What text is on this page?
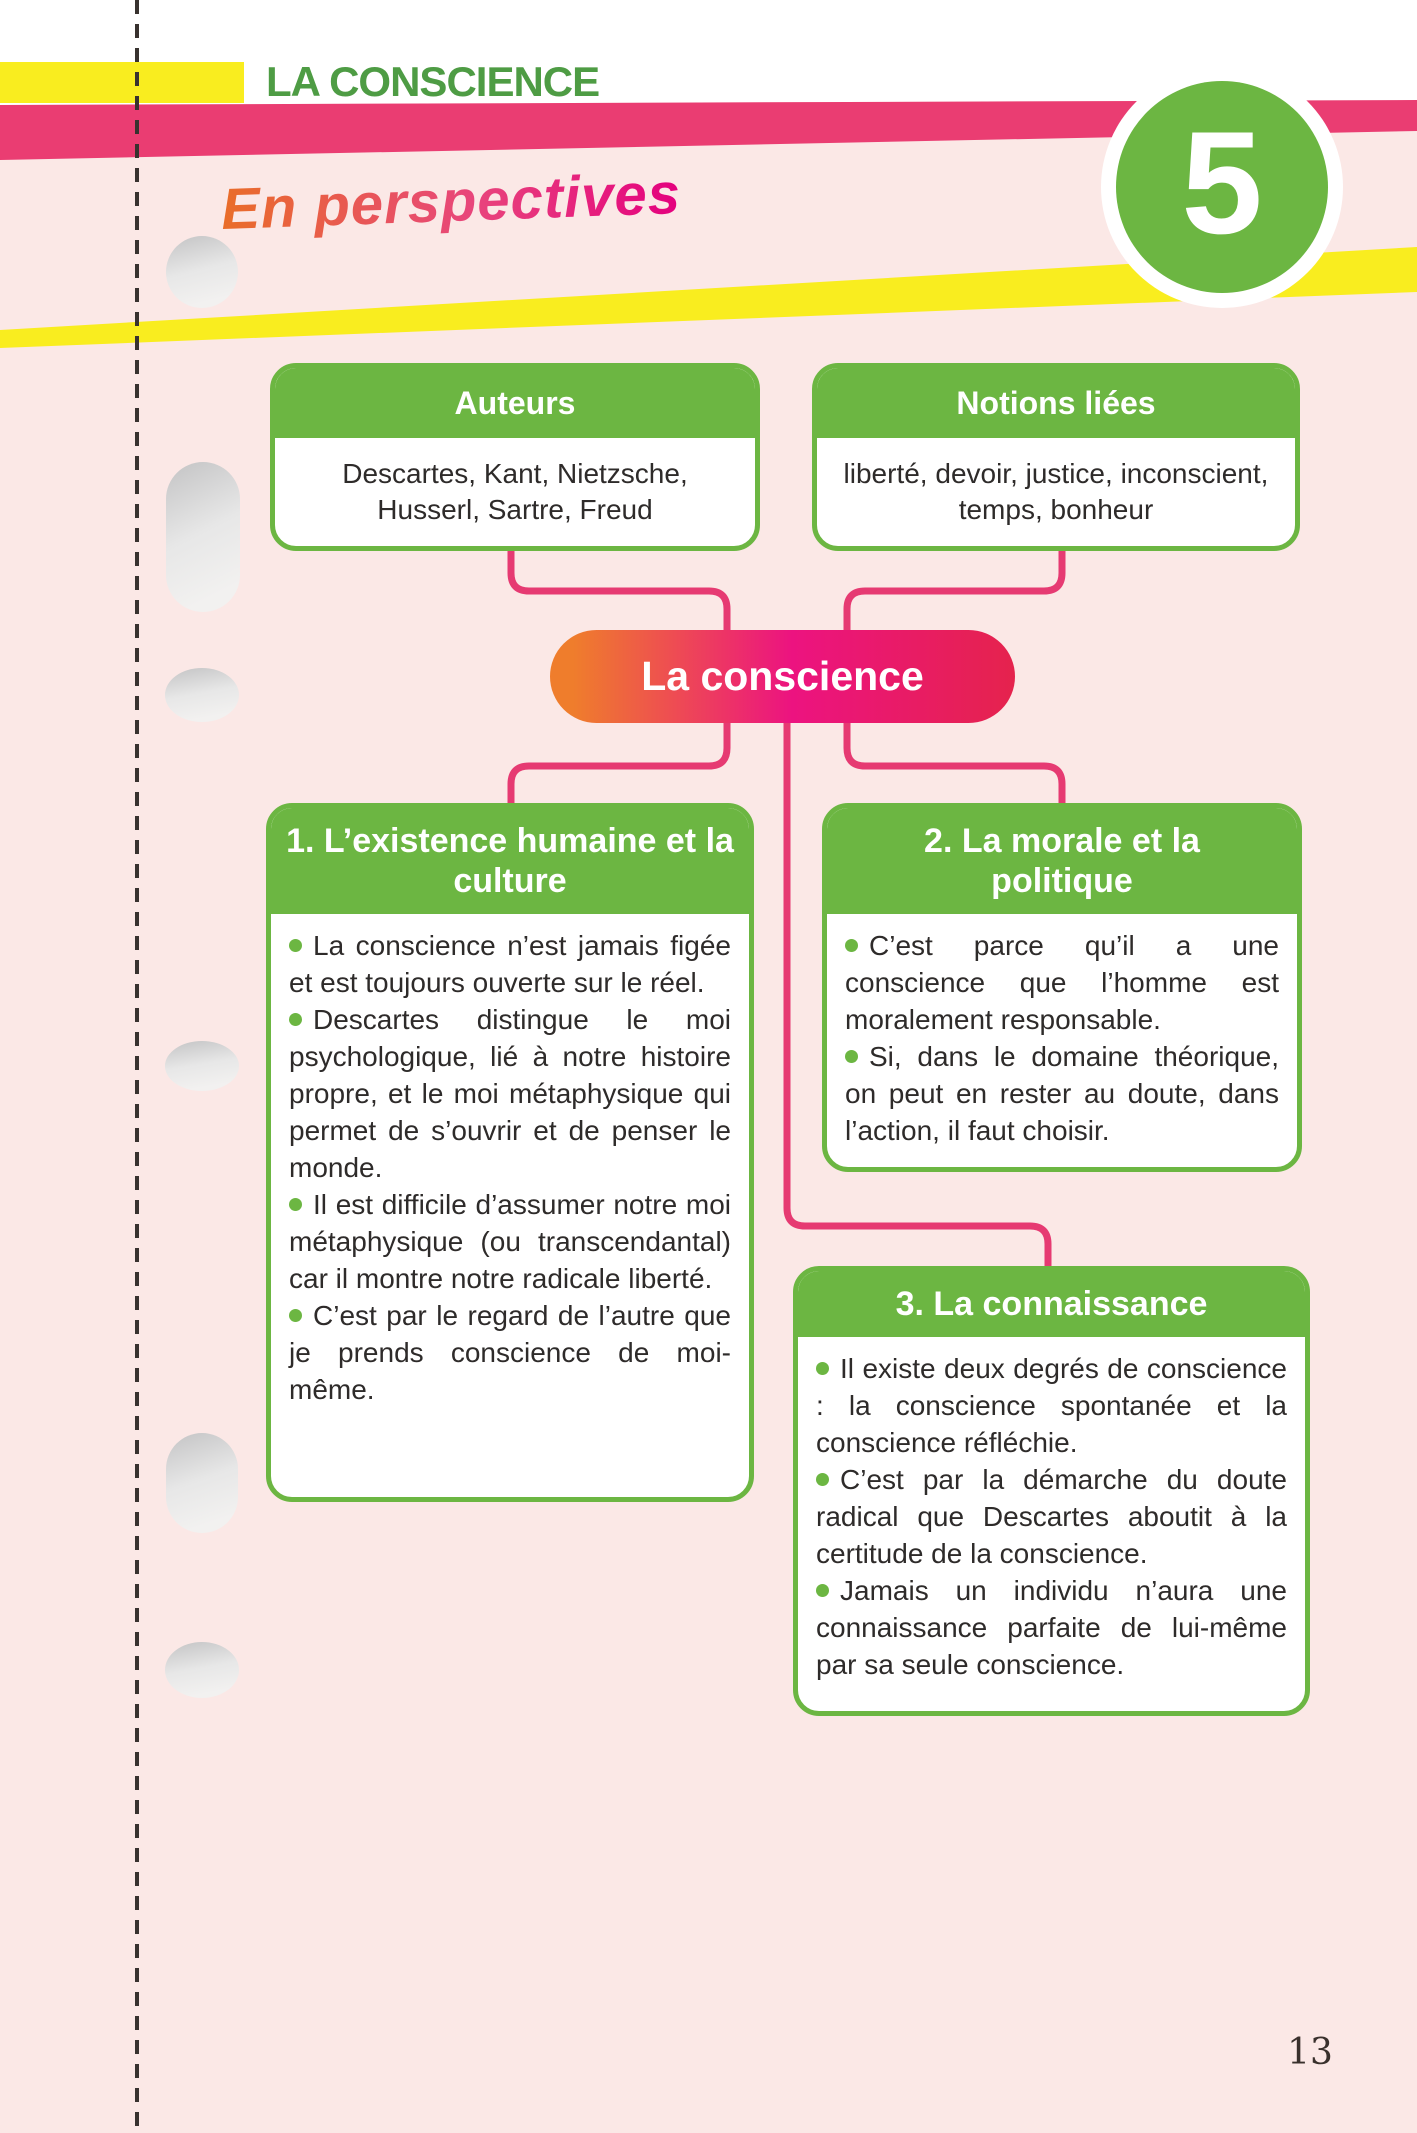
LA CONSCIENCE
En perspectives	5
Auteurs
Descartes, Kant, Nietzsche, Husserl, Sartre, Freud
Notions liées
liberté, devoir, justice, inconscient, temps, bonheur
La conscience
1. L’existence humaine et la culture

La conscience n’est jamais figée et est toujours ouverte sur le réel.

Descartes distingue le moi psychologique, lié à notre histoire propre, et le moi métaphysique qui permet de s’ouvrir et de penser le monde.

Il est difficile d’assumer notre moi métaphysique (ou transcendantal) car il montre notre radicale liberté.

C’est par le regard de l’autre que je prends conscience de moi-même.

2. La morale et la politique

C’est parce qu’il a une conscience que l’homme est moralement responsable.

Si, dans le domaine théorique, on peut en rester au doute, dans l’action, il faut choisir.

3. La connaissance

Il existe deux degrés de conscience : la conscience spontanée et la conscience réfléchie.

C’est par la démarche du doute radical que Descartes aboutit à la certitude de la conscience.

Jamais un individu n’aura une connaissance parfaite de lui-même par sa seule conscience.

13
